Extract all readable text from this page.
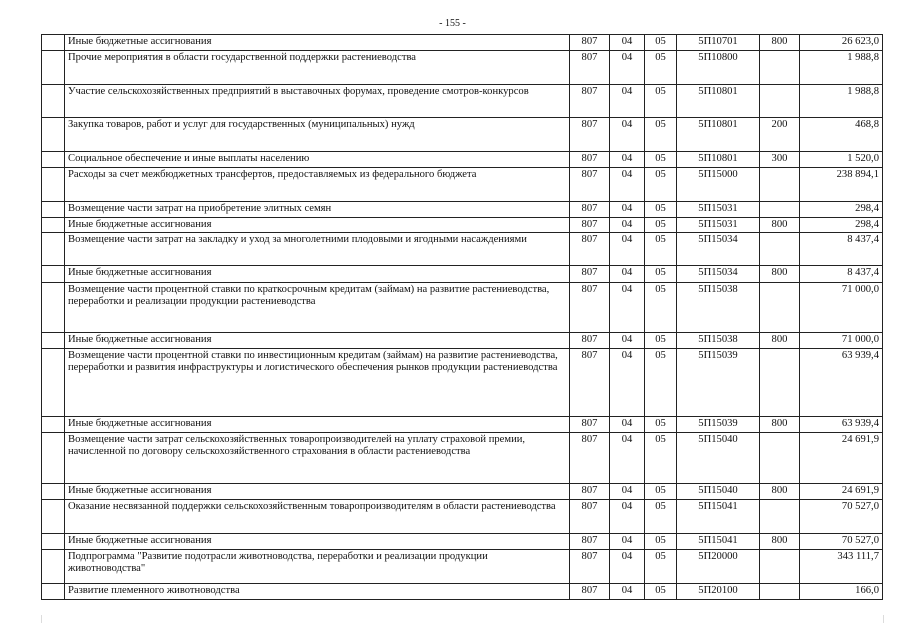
- 155 -
	Иные бюджетные ассигнования	807	04	05	5П10701	800	26 623,0
	Прочие мероприятия в области государственной поддержки растениеводства	807	04	05	5П10800		1 988,8
	Участие сельскохозяйственных предприятий в выставочных форумах, проведение смотров-конкурсов	807	04	05	5П10801		1 988,8
	Закупка товаров, работ и услуг для государственных (муниципальных) нужд	807	04	05	5П10801	200	468,8
	Социальное обеспечение и иные выплаты населению	807	04	05	5П10801	300	1 520,0
	Расходы за счет межбюджетных трансфертов, предоставляемых из федерального бюджета	807	04	05	5П15000		238 894,1
	Возмещение части затрат на приобретение элитных семян	807	04	05	5П15031		298,4
	Иные бюджетные ассигнования	807	04	05	5П15031	800	298,4
	Возмещение части затрат на закладку и уход за многолетними плодовыми и ягодными насаждениями	807	04	05	5П15034		8 437,4
	Иные бюджетные ассигнования	807	04	05	5П15034	800	8 437,4
	Возмещение части процентной ставки по краткосрочным кредитам (займам) на развитие растениеводства, переработки и реализации продукции растениеводства	807	04	05	5П15038		71 000,0
	Иные бюджетные ассигнования	807	04	05	5П15038	800	71 000,0
	Возмещение части процентной ставки по инвестиционным кредитам (займам) на развитие растениеводства, переработки и развития инфраструктуры и логистического обеспечения рынков продукции растениеводства	807	04	05	5П15039		63 939,4
	Иные бюджетные ассигнования	807	04	05	5П15039	800	63 939,4
	Возмещение части затрат сельскохозяйственных товаропроизводителей на уплату страховой премии, начисленной по договору сельскохозяйственного страхования в области растениеводства	807	04	05	5П15040		24 691,9
	Иные бюджетные ассигнования	807	04	05	5П15040	800	24 691,9
	Оказание несвязанной поддержки сельскохозяйственным товаропроизводителям в области растениеводства	807	04	05	5П15041		70 527,0
	Иные бюджетные ассигнования	807	04	05	5П15041	800	70 527,0
	Подпрограмма "Развитие подотрасли животноводства, переработки и реализации продукции животноводства"	807	04	05	5П20000		343 111,7
	Развитие племенного животноводства	807	04	05	5П20100		166,0
